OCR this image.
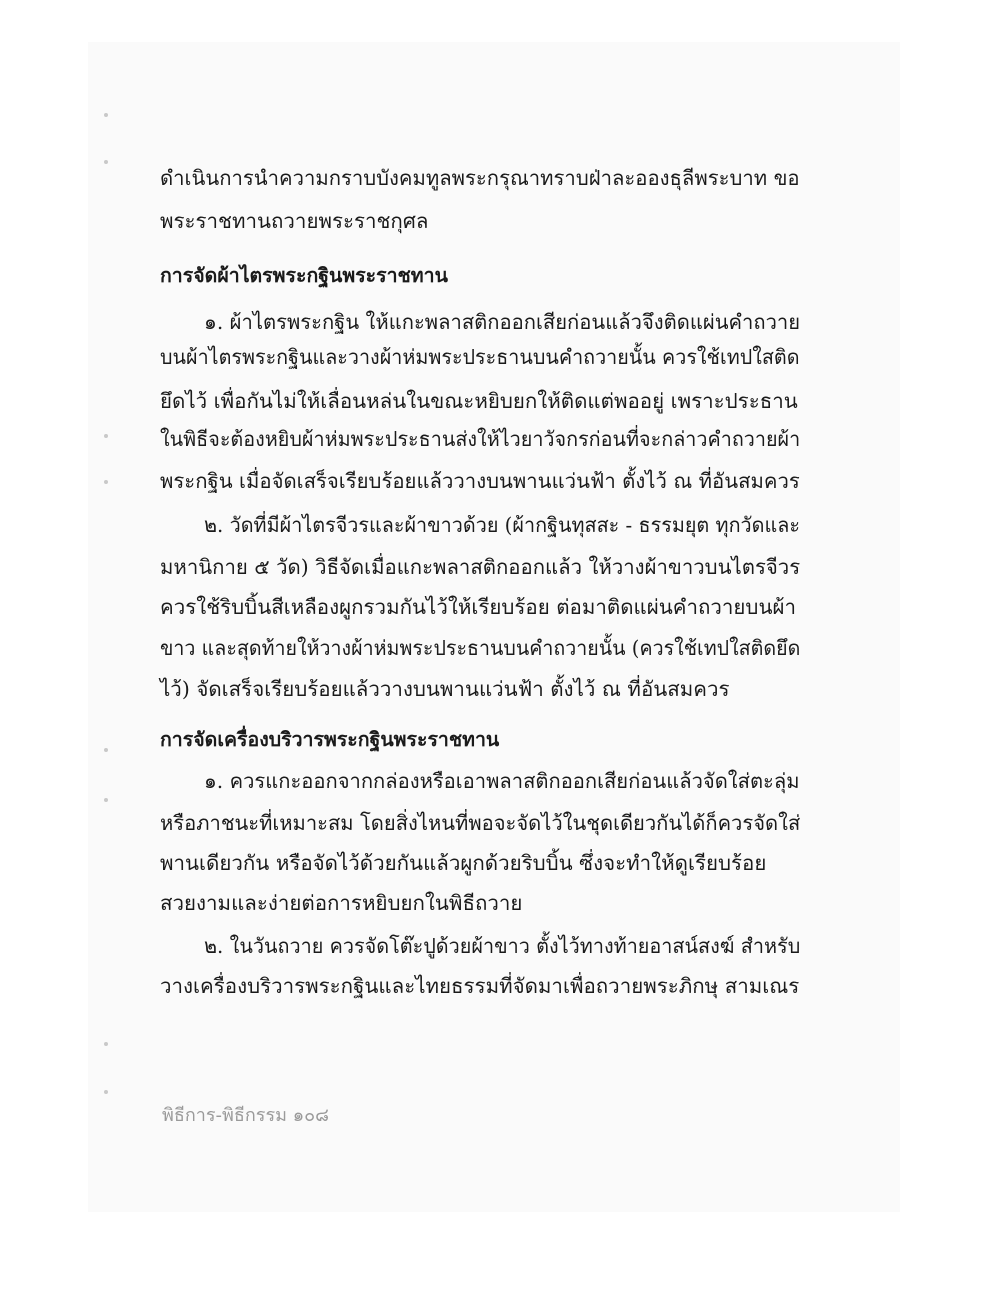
ดำเนินการนำความกราบบังคมทูลพระกรุณาทราบฝ่าละอองธุลีพระบาท ขอ
พระราชทานถวายพระราชกุศล
การจัดผ้าไตรพระกฐินพระราชทาน
๑. ผ้าไตรพระกฐิน ให้แกะพลาสติกออกเสียก่อนแล้วจึงติดแผ่นคำถวาย
บนผ้าไตรพระกฐินและวางผ้าห่มพระประธานบนคำถวายนั้น ควรใช้เทปใสติด
ยึดไว้ เพื่อกันไม่ให้เลื่อนหล่นในขณะหยิบยกให้ติดแต่พออยู่ เพราะประธาน
ในพิธีจะต้องหยิบผ้าห่มพระประธานส่งให้ไวยาวัจกรก่อนที่จะกล่าวคำถวายผ้า
พระกฐิน เมื่อจัดเสร็จเรียบร้อยแล้ววางบนพานแว่นฟ้า ตั้งไว้ ณ ที่อันสมควร
๒. วัดที่มีผ้าไตรจีวรและผ้าขาวด้วย (ผ้ากฐินทุสสะ - ธรรมยุต ทุกวัดและ
มหานิกาย ๕ วัด) วิธีจัดเมื่อแกะพลาสติกออกแล้ว ให้วางผ้าขาวบนไตรจีวร
ควรใช้ริบบิ้นสีเหลืองผูกรวมกันไว้ให้เรียบร้อย ต่อมาติดแผ่นคำถวายบนผ้า
ขาว และสุดท้ายให้วางผ้าห่มพระประธานบนคำถวายนั้น (ควรใช้เทปใสติดยึด
ไว้) จัดเสร็จเรียบร้อยแล้ววางบนพานแว่นฟ้า ตั้งไว้ ณ ที่อันสมควร
การจัดเครื่องบริวารพระกฐินพระราชทาน
๑. ควรแกะออกจากกล่องหรือเอาพลาสติกออกเสียก่อนแล้วจัดใส่ตะลุ่ม
หรือภาชนะที่เหมาะสม โดยสิ่งไหนที่พอจะจัดไว้ในชุดเดียวกันได้ก็ควรจัดใส่
พานเดียวกัน หรือจัดไว้ด้วยกันแล้วผูกด้วยริบบิ้น ซึ่งจะทำให้ดูเรียบร้อย
สวยงามและง่ายต่อการหยิบยกในพิธีถวาย
๒. ในวันถวาย ควรจัดโต๊ะปูด้วยผ้าขาว ตั้งไว้ทางท้ายอาสน์สงฆ์ สำหรับ
วางเครื่องบริวารพระกฐินและไทยธรรมที่จัดมาเพื่อถวายพระภิกษุ สามเณร
พิธีการ-พิธีกรรม ๑๐๘
